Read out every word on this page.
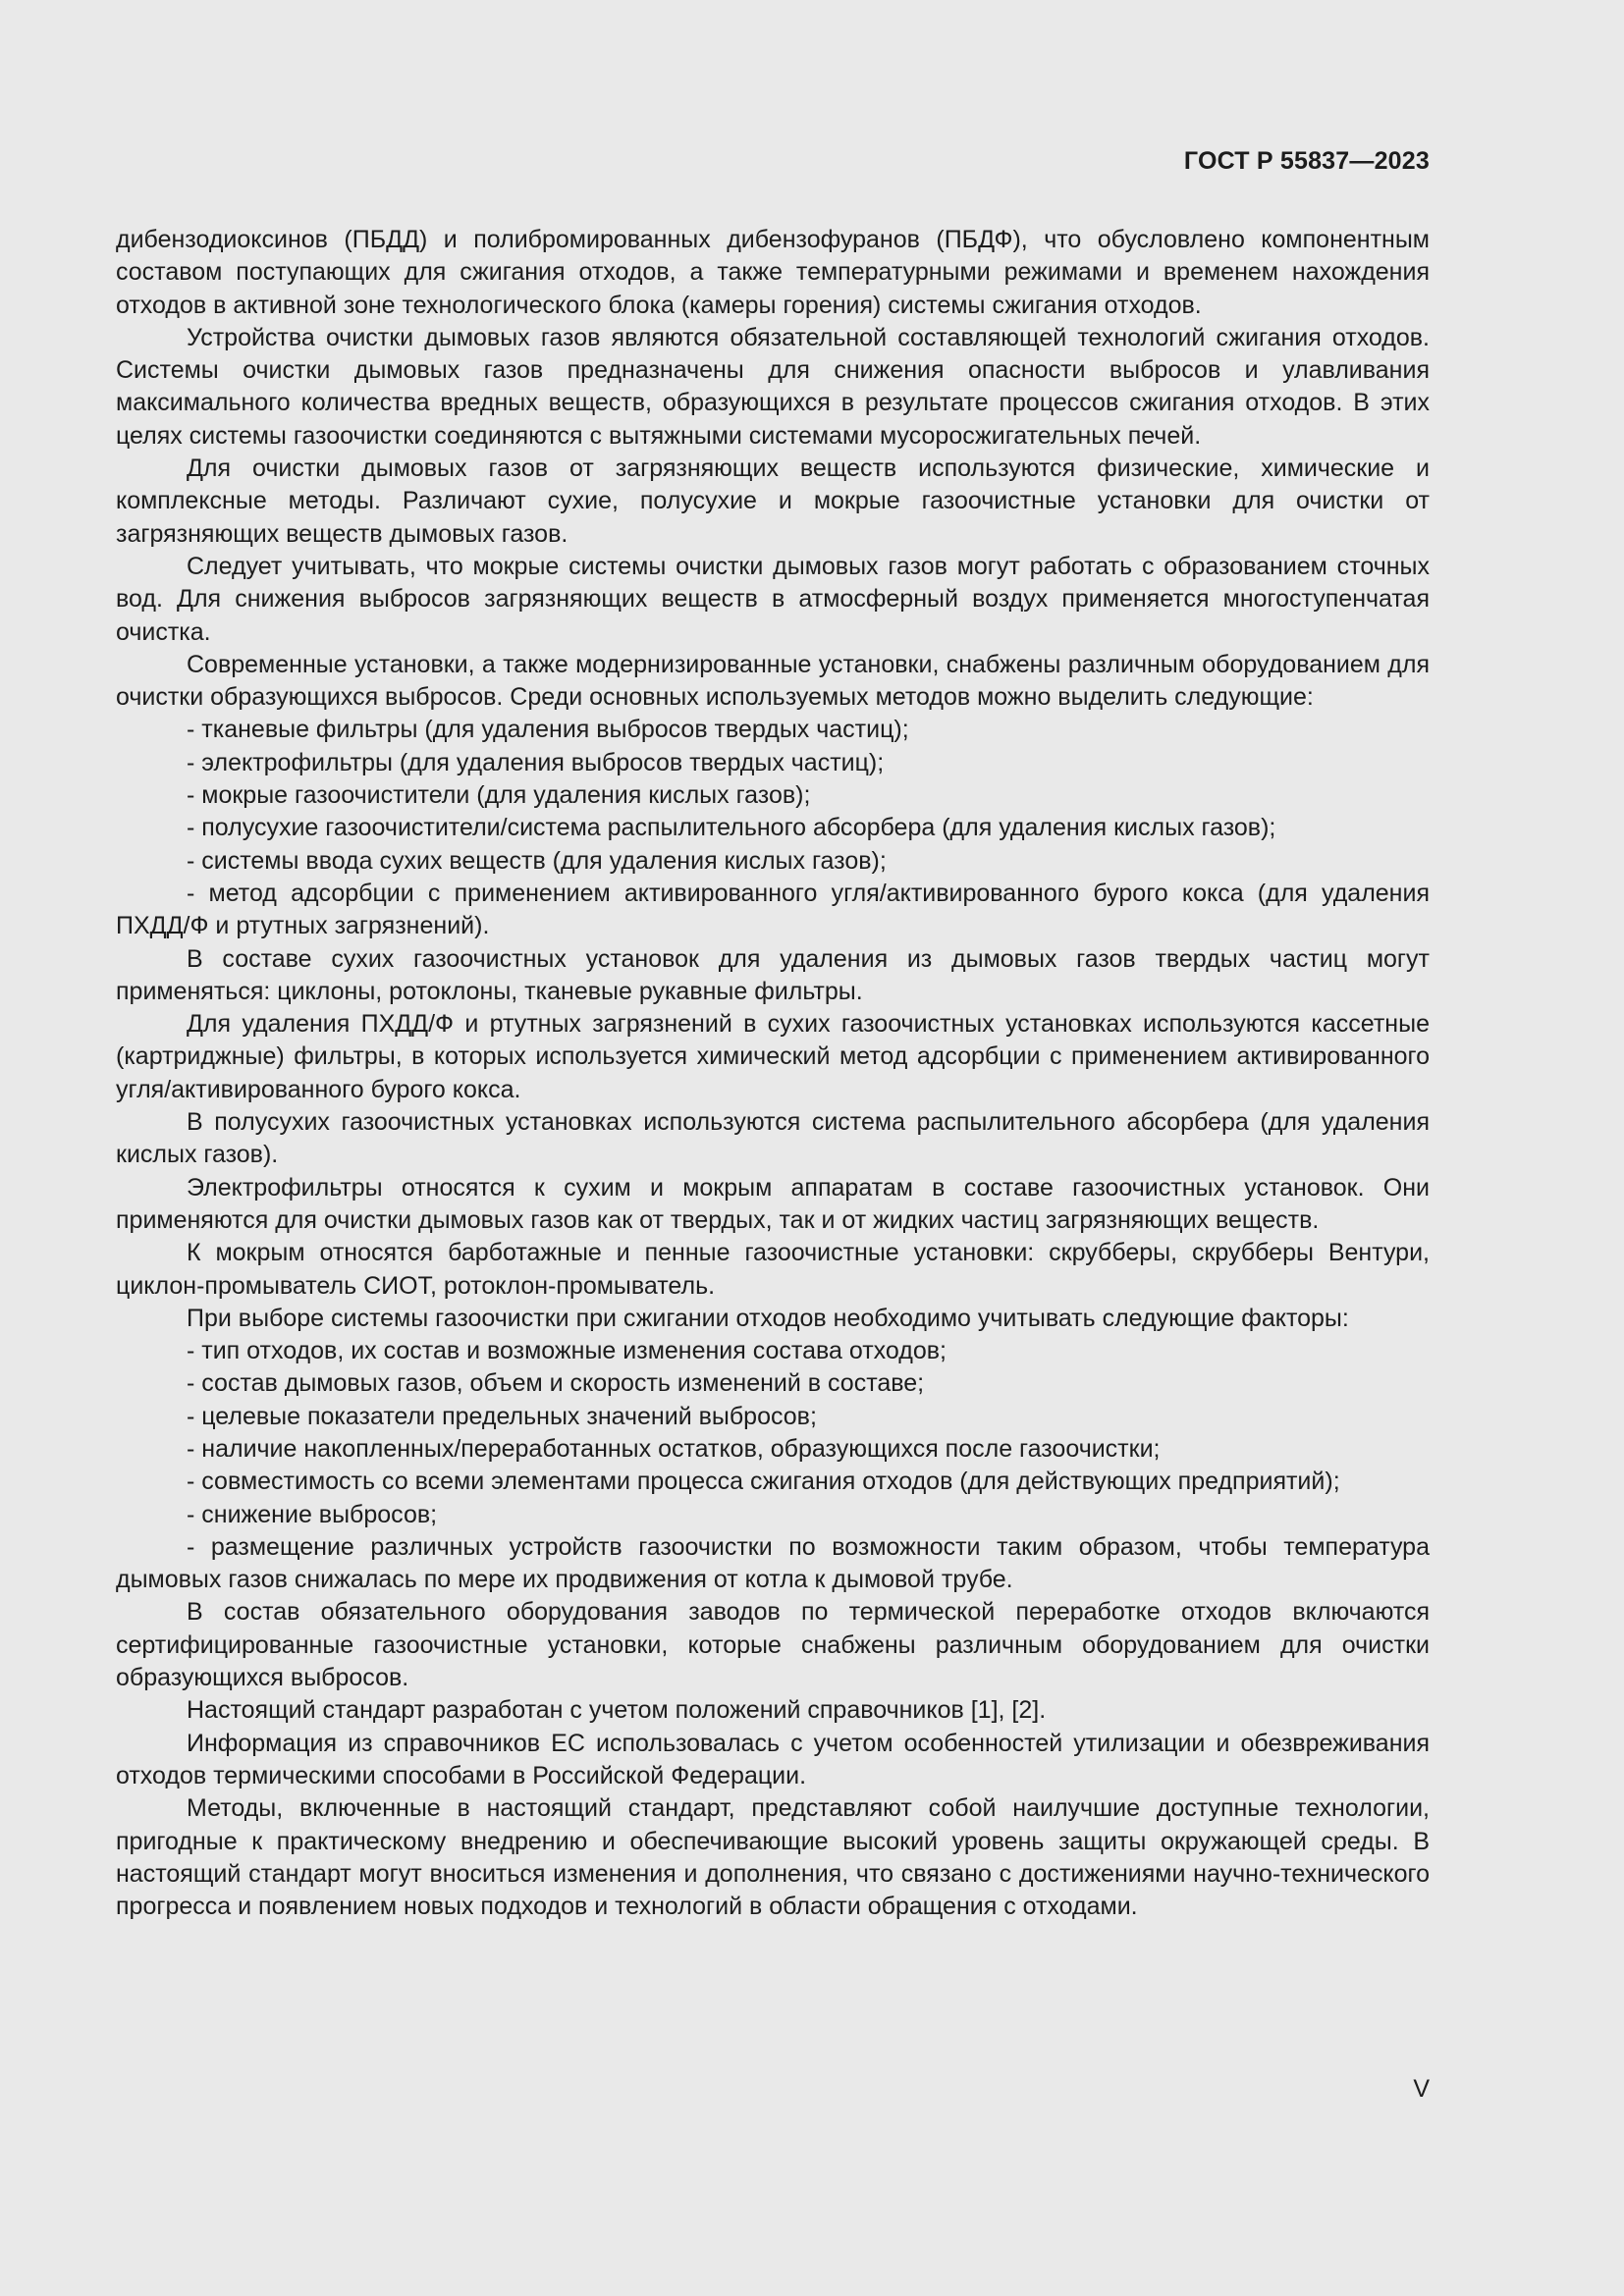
ГОСТ Р 55837—2023

дибензодиоксинов (ПБДД) и полибромированных дибензофуранов (ПБДФ), что обусловлено компонентным составом поступающих для сжигания отходов, а также температурными режимами и временем нахождения отходов в активной зоне технологического блока (камеры горения) системы сжигания отходов.

Устройства очистки дымовых газов являются обязательной составляющей технологий сжигания отходов. Системы очистки дымовых газов предназначены для снижения опасности выбросов и улавливания максимального количества вредных веществ, образующихся в результате процессов сжигания отходов. В этих целях системы газоочистки соединяются с вытяжными системами мусоросжигательных печей.

Для очистки дымовых газов от загрязняющих веществ используются физические, химические и комплексные методы. Различают сухие, полусухие и мокрые газоочистные установки для очистки от загрязняющих веществ дымовых газов.

Следует учитывать, что мокрые системы очистки дымовых газов могут работать с образованием сточных вод. Для снижения выбросов загрязняющих веществ в атмосферный воздух применяется многоступенчатая очистка.

Современные установки, а также модернизированные установки, снабжены различным оборудованием для очистки образующихся выбросов. Среди основных используемых методов можно выделить следующие:

- тканевые фильтры (для удаления выбросов твердых частиц);

- электрофильтры (для удаления выбросов твердых частиц);

- мокрые газоочистители (для удаления кислых газов);

- полусухие газоочистители/система распылительного абсорбера (для удаления кислых газов);

- системы ввода сухих веществ (для удаления кислых газов);

- метод адсорбции с применением активированного угля/активированного бурого кокса (для удаления ПХДД/Ф и ртутных загрязнений).

В составе сухих газоочистных установок для удаления из дымовых газов твердых частиц могут применяться: циклоны, ротоклоны, тканевые рукавные фильтры.

Для удаления ПХДД/Ф и ртутных загрязнений в сухих газоочистных установках используются кассетные (картриджные) фильтры, в которых используется химический метод адсорбции с применением активированного угля/активированного бурого кокса.

В полусухих газоочистных установках используются система распылительного абсорбера (для удаления кислых газов).

Электрофильтры относятся к сухим и мокрым аппаратам в составе газоочистных установок. Они применяются для очистки дымовых газов как от твердых, так и от жидких частиц загрязняющих веществ.

К мокрым относятся барботажные и пенные газоочистные установки: скрубберы, скрубберы Вентури, циклон-промыватель СИОТ, ротоклон-промыватель.

При выборе системы газоочистки при сжигании отходов необходимо учитывать следующие факторы:

- тип отходов, их состав и возможные изменения состава отходов;

- состав дымовых газов, объем и скорость изменений в составе;

- целевые показатели предельных значений выбросов;

- наличие накопленных/переработанных остатков, образующихся после газоочистки;

- совместимость со всеми элементами процесса сжигания отходов (для действующих предприятий);

- снижение выбросов;

- размещение различных устройств газоочистки по возможности таким образом, чтобы температура дымовых газов снижалась по мере их продвижения от котла к дымовой трубе.

В состав обязательного оборудования заводов по термической переработке отходов включаются сертифицированные газоочистные установки, которые снабжены различным оборудованием для очистки образующихся выбросов.

Настоящий стандарт разработан с учетом положений справочников [1], [2].

Информация из справочников ЕС использовалась с учетом особенностей утилизации и обезвреживания отходов термическими способами в Российской Федерации.

Методы, включенные в настоящий стандарт, представляют собой наилучшие доступные технологии, пригодные к практическому внедрению и обеспечивающие высокий уровень защиты окружающей среды. В настоящий стандарт могут вноситься изменения и дополнения, что связано с достижениями научно-технического прогресса и появлением новых подходов и технологий в области обращения с отходами.

V
